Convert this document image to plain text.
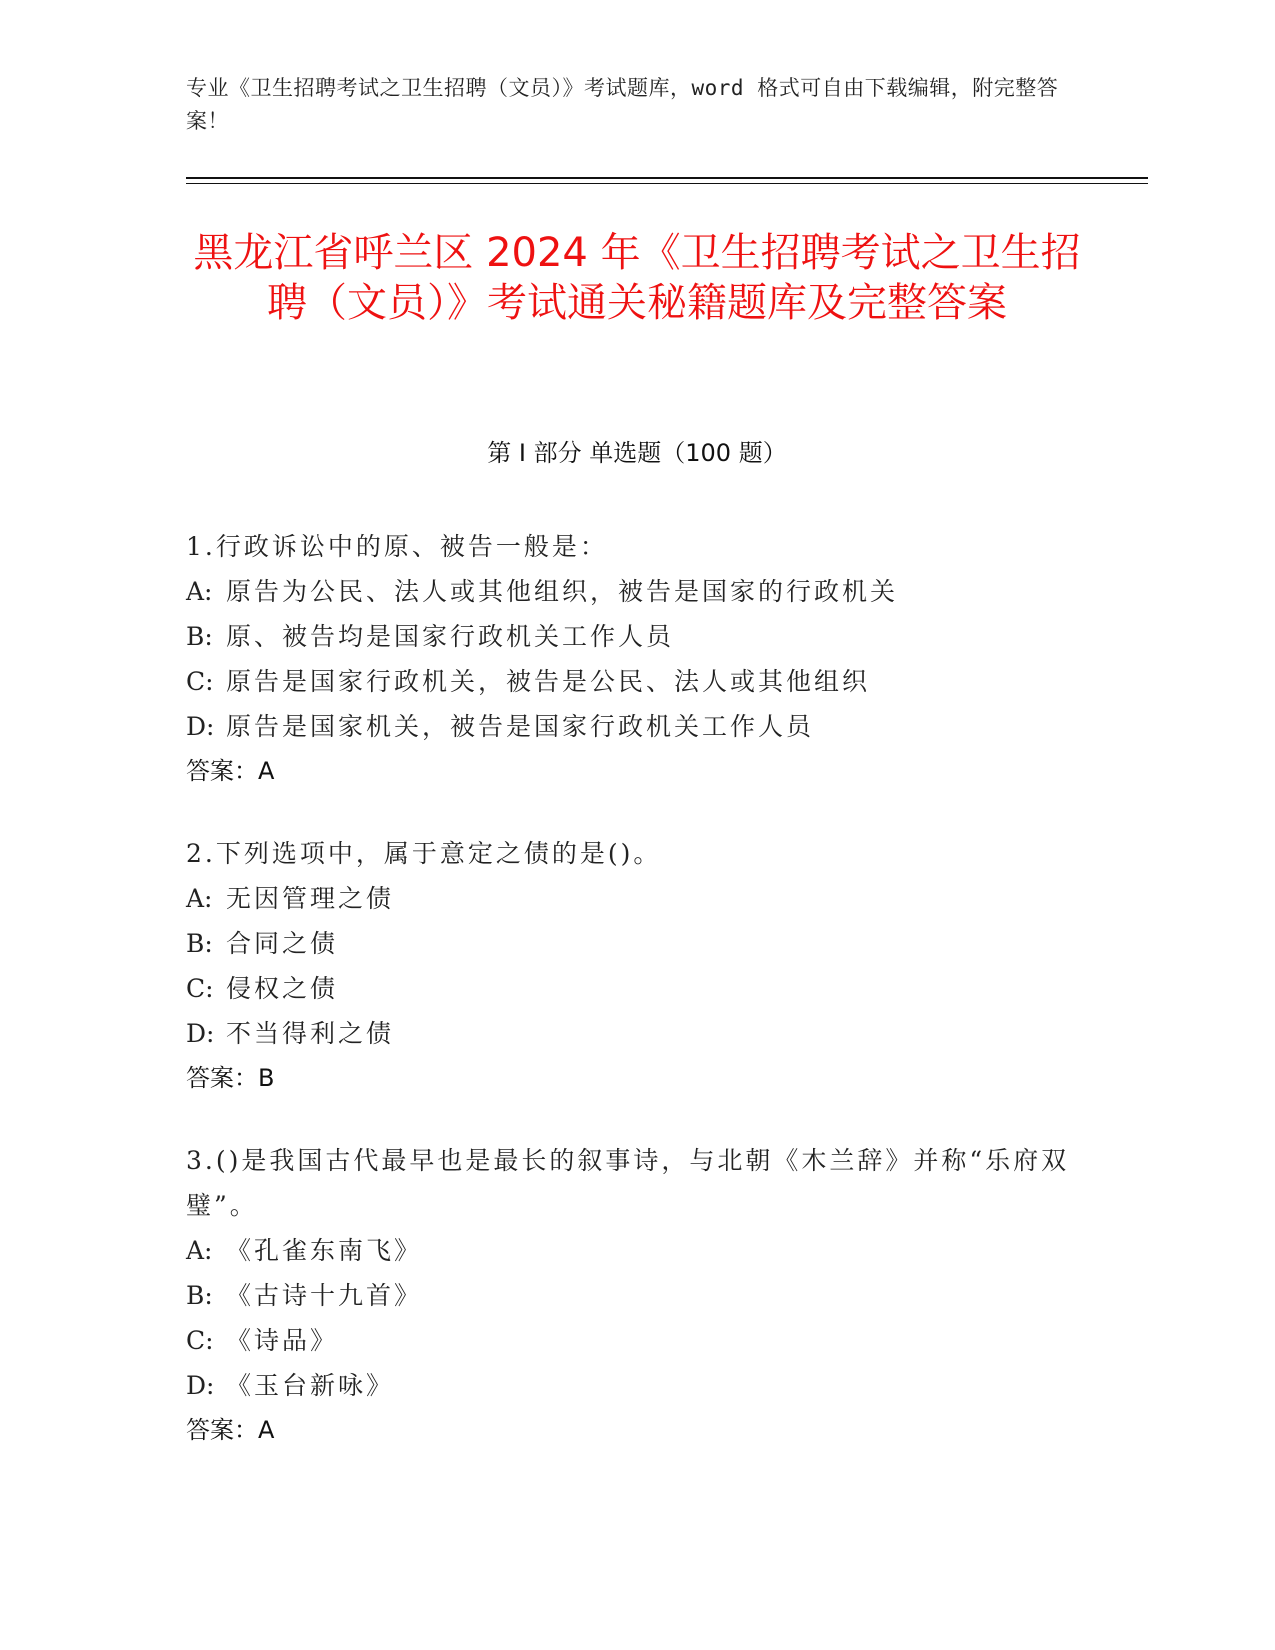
专业《卫生招聘考试之卫生招聘（文员）》考试题库，word 格式可自由下载编辑，附完整答案！
黑龙江省呼兰区 2024 年《卫生招聘考试之卫生招聘（文员）》考试通关秘籍题库及完整答案
第 I 部分 单选题（100 题）
1.行政诉讼中的原、被告一般是：
A: 原告为公民、法人或其他组织，被告是国家的行政机关
B: 原、被告均是国家行政机关工作人员
C: 原告是国家行政机关，被告是公民、法人或其他组织
D: 原告是国家机关，被告是国家行政机关工作人员
答案：A
2.下列选项中，属于意定之债的是()。
A: 无因管理之债
B: 合同之债
C: 侵权之债
D: 不当得利之债
答案：B
3.()是我国古代最早也是最长的叙事诗，与北朝《木兰辞》并称“乐府双璧”。
A: 《孔雀东南飞》
B: 《古诗十九首》
C: 《诗品》
D: 《玉台新咏》
答案：A
